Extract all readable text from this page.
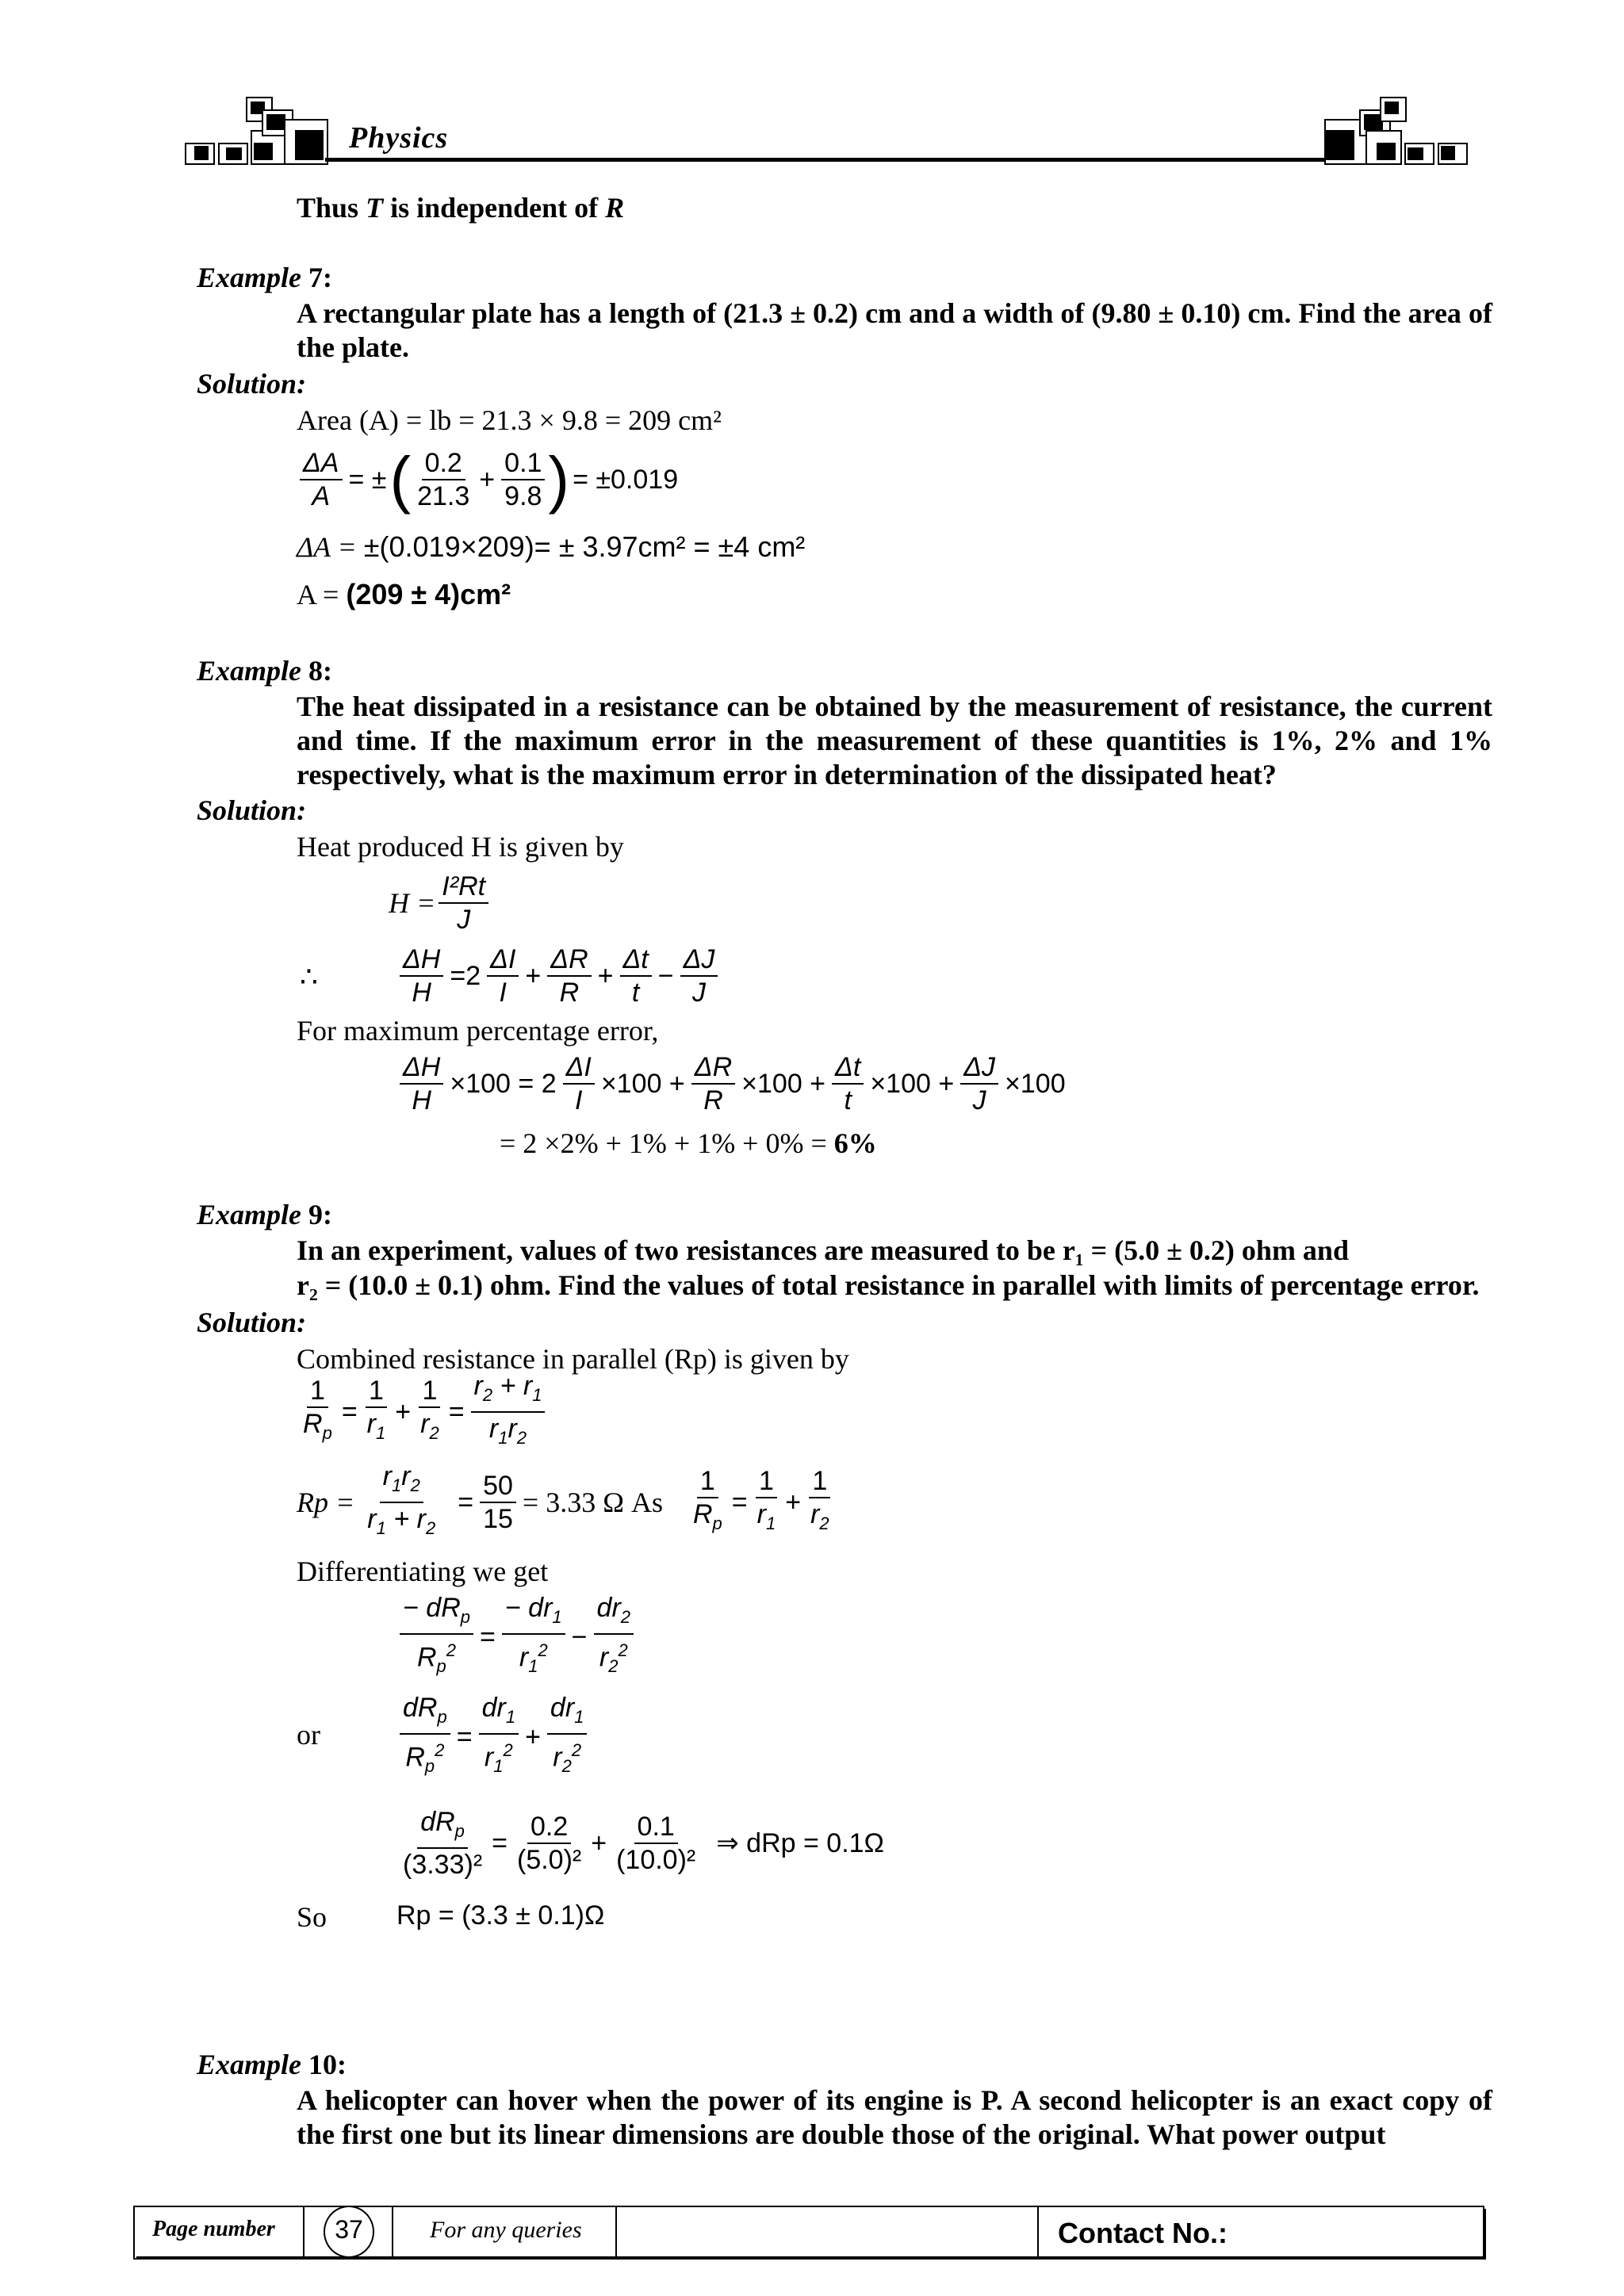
Physics
Thus T is independent of R
Example 7:
A rectangular plate has a length of (21.3 ± 0.2) cm and a width of (9.80 ± 0.10) cm. Find the area of the plate.
Solution:
Area (A) = lb = 21.3 × 9.8 = 209 cm²
$\frac{\Delta A}{A}$ = ± ( $\frac{0.2}{21.3} + \frac{0.1}{9.8}$ ) = ±0.019
ΔA = ±(0.019×209)= ± 3.97cm² = ±4 cm²
A = (209 ± 4)cm²
Example 8:
The heat dissipated in a resistance can be obtained by the measurement of resistance, the current and time. If the maximum error in the measurement of these quantities is 1%, 2% and 1% respectively, what is the maximum error in determination of the dissipated heat?
Solution:
Heat produced H is given by
$H = \frac{\text{I²Rt}}{J}$
∴	$\frac{\Delta H}{H} =2 \frac{\Delta I}{I} + \frac{\Delta R}{R} + \frac{\Delta t}{t} - \frac{\Delta J}{J}$
For maximum percentage error,
$\frac{\Delta H}{H} \times 100 = 2 \frac{\Delta I}{I} \times 100 + \frac{\Delta R}{R} \times 100 + \frac{\Delta t}{t} \times 100 + \frac{\Delta J}{J} \times 100$
= 2 ×2% + 1% + 1% + 0% = 6%
Example 9:
In an experiment, values of two resistances are measured to be r₁ = (5.0 ± 0.2) ohm and
r₂ = (10.0 ± 0.1) ohm. Find the values of total resistance in parallel with limits of percentage error.
Solution:
Combined resistance in parallel (Rp) is given by
$\frac{1}{R_p} = \frac{1}{r_1} + \frac{1}{r_2} = \frac{r_2 + r_1}{r_1r_2}$
$Rp = \frac{r_1r_2}{r_1 + r_2} = \frac{50}{15} = 3.33$ Ω As $\frac{1}{R_p} = \frac{1}{r_1} + \frac{1}{r_2}$
Differentiating we get
$\frac{- dR_p}{R_p^2} = \frac{- dr_1}{r_1^2} - \frac{dr_2}{r_2^2}$
or	$\frac{dR_p}{R_p^2} = \frac{dr_1}{r_1^2} + \frac{dr_1}{r_2^2}$
$\frac{dR_p}{\text{(3.33)²}} = \frac{0.2}{\text{(5.0)²}} + \frac{0.1}{\text{(10.0)²}}$ ⇒ dRp = 0.1Ω
So	Rp = (3.3 ± 0.1)Ω
Example 10:
A helicopter can hover when the power of its engine is P. A second helicopter is an exact copy of the first one but its linear dimensions are double those of the original. What power output
Page number	37	For any queries	Contact No.:
